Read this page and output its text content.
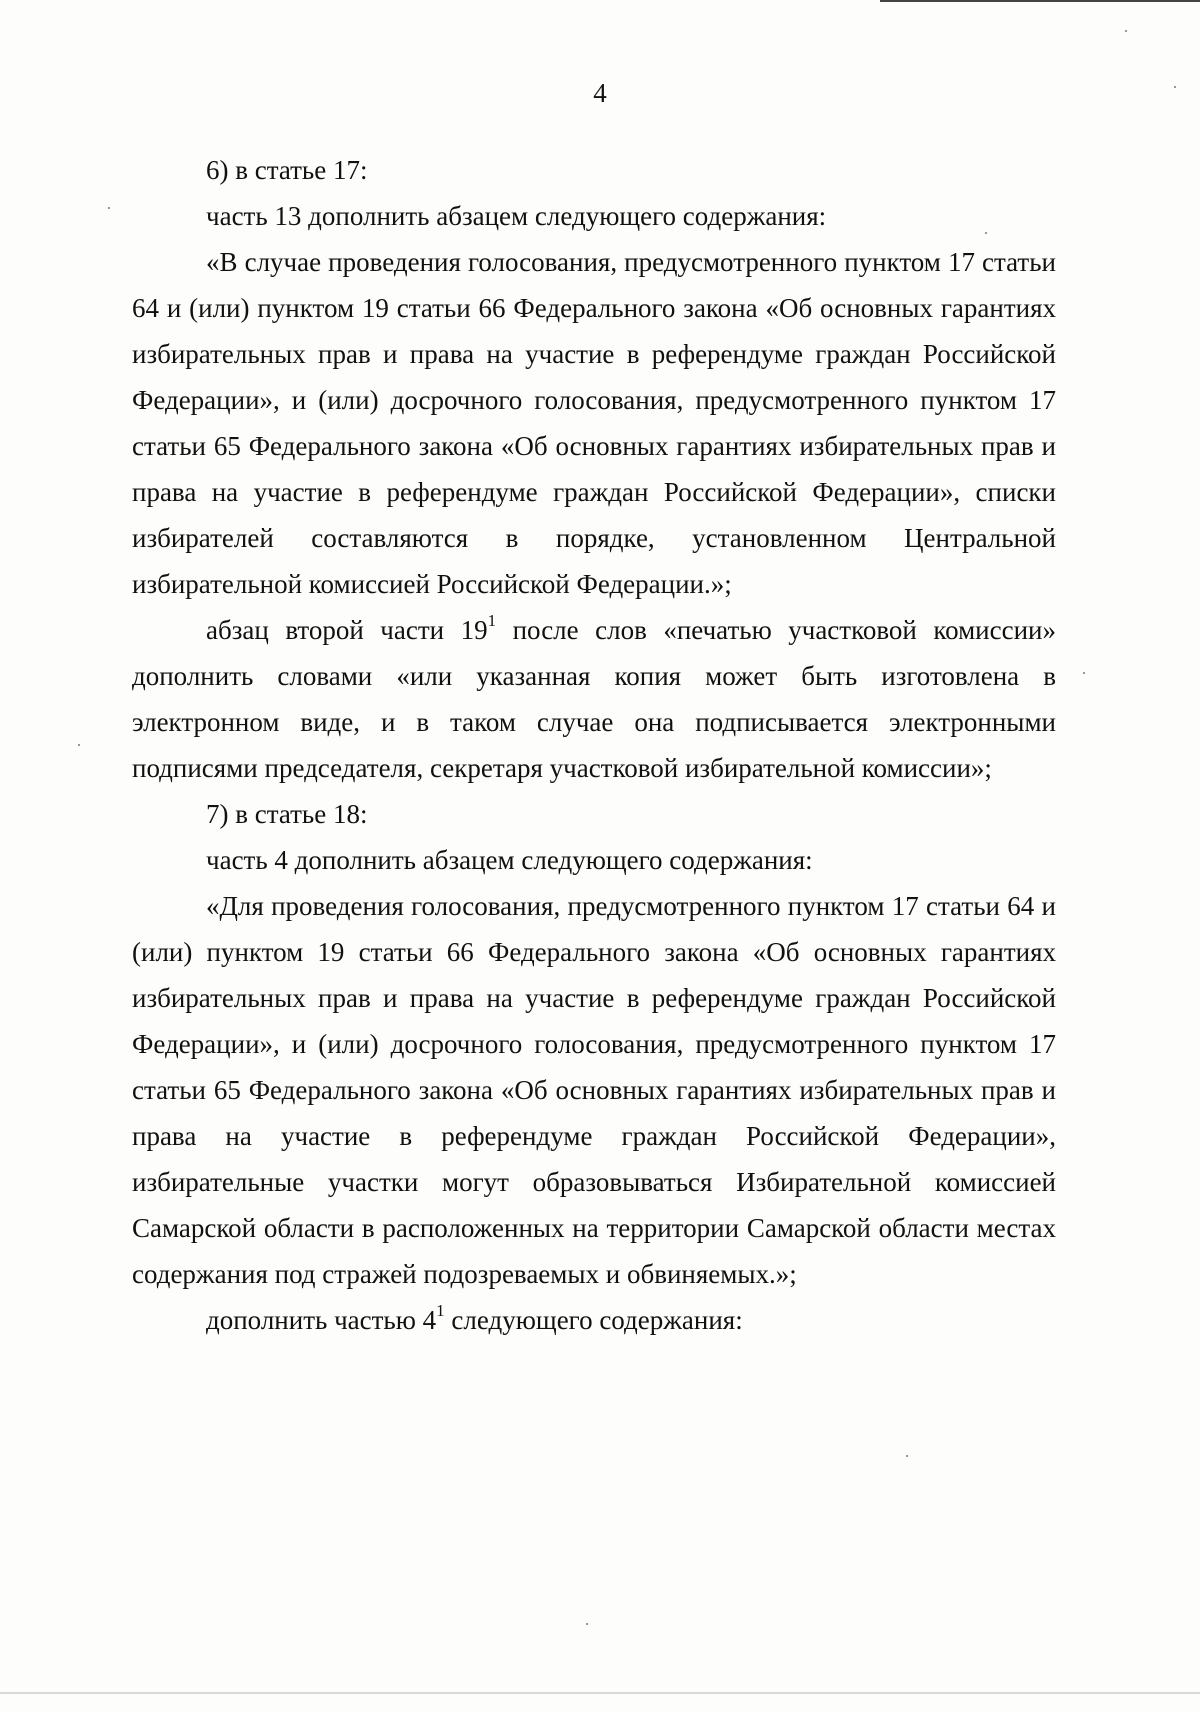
4

6) в статье 17:

часть 13 дополнить абзацем следующего содержания:

«В случае проведения голосования, предусмотренного пунктом 17 статьи 64 и (или) пунктом 19 статьи 66 Федерального закона «Об основных гарантиях избирательных прав и права на участие в референдуме граждан Российской Федерации», и (или) досрочного голосования, предусмотренного пунктом 17 статьи 65 Федерального закона «Об основных гарантиях избирательных прав и права на участие в референдуме граждан Российской Федерации», списки избирателей составляются в порядке, установленном Центральной избирательной комиссией Российской Федерации.»;

абзац второй части $19^1$ после слов «печатью участковой комиссии» дополнить словами «или указанная копия может быть изготовлена в электронном виде, и в таком случае она подписывается электронными подписями председателя, секретаря участковой избирательной комиссии»;

7) в статье 18:

часть 4 дополнить абзацем следующего содержания:

«Для проведения голосования, предусмотренного пунктом 17 статьи 64 и (или) пунктом 19 статьи 66 Федерального закона «Об основных гарантиях избирательных прав и права на участие в референдуме граждан Российской Федерации», и (или) досрочного голосования, предусмотренного пунктом 17 статьи 65 Федерального закона «Об основных гарантиях избирательных прав и права на участие в референдуме граждан Российской Федерации», избирательные участки могут образовываться Избирательной комиссией Самарской области в расположенных на территории Самарской области местах содержания под стражей подозреваемых и обвиняемых.»;

дополнить частью $4^1$ следующего содержания:
